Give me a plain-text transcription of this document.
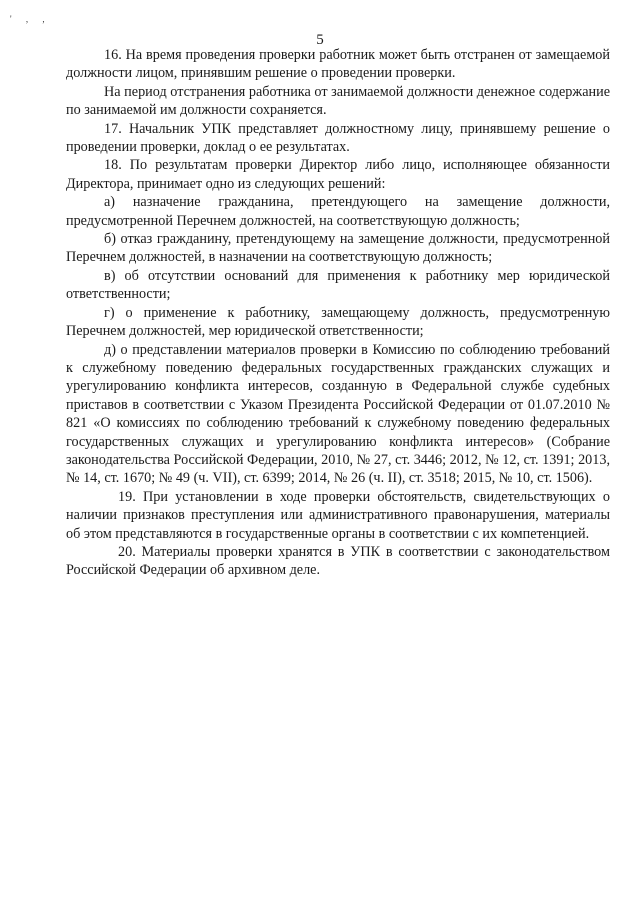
' , ,
5

16. На время проведения проверки работник может быть отстранен от замещаемой должности лицом, принявшим решение о проведении проверки.

На период отстранения работника от занимаемой должности денежное содержание по занимаемой им должности сохраняется.

17. Начальник УПК представляет должностному лицу, принявшему решение о проведении проверки, доклад о ее результатах.

18. По результатам проверки Директор либо лицо, исполняющее обязанности Директора, принимает одно из следующих решений:

а) назначение гражданина, претендующего на замещение должности, предусмотренной Перечнем должностей, на соответствующую должность;

б) отказ гражданину, претендующему на замещение должности, предусмотренной Перечнем должностей, в назначении на соответствующую должность;

в) об отсутствии оснований для применения к работнику мер юридической ответственности;

г) о применение к работнику, замещающему должность, предусмотренную Перечнем должностей, мер юридической ответственности;

д) о представлении материалов проверки в Комиссию по соблюдению требований к служебному поведению федеральных государственных гражданских служащих и урегулированию конфликта интересов, созданную в Федеральной службе судебных приставов в соответствии с Указом Президента Российской Федерации от 01.07.2010 № 821 «О комиссиях по соблюдению требований к служебному поведению федеральных государственных служащих и урегулированию конфликта интересов» (Собрание законодательства Российской Федерации, 2010, № 27, ст. 3446; 2012, № 12, ст. 1391; 2013, № 14, ст. 1670; № 49 (ч. VII), ст. 6399; 2014, № 26 (ч. II), ст. 3518; 2015, № 10, ст. 1506).

19. При установлении в ходе проверки обстоятельств, свидетельствующих о наличии признаков преступления или административного правонарушения, материалы об этом представляются в государственные органы в соответствии с их компетенцией.

20. Материалы проверки хранятся в УПК в соответствии с законодательством Российской Федерации об архивном деле.
